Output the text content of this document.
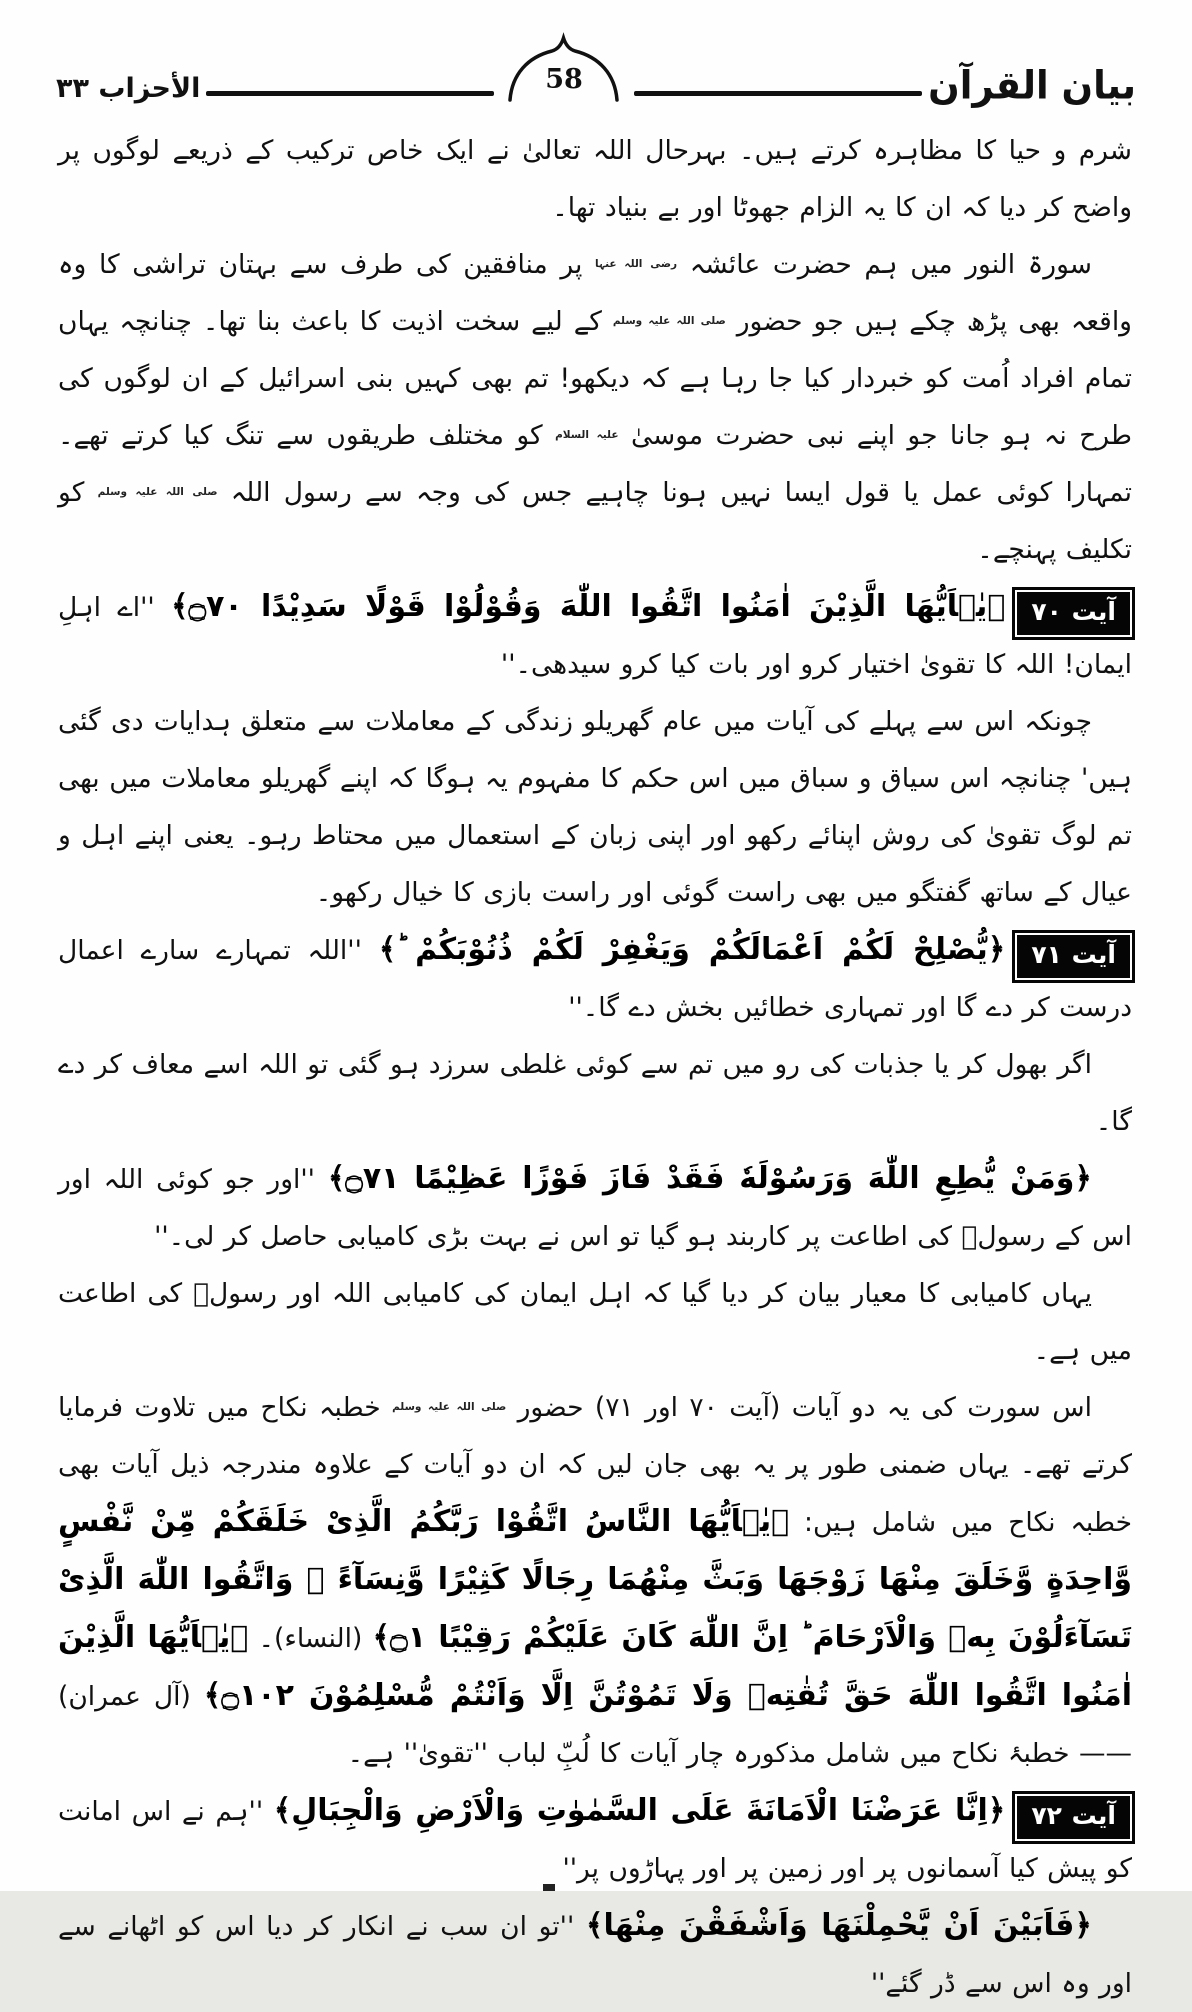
بیان القرآن
58
الأحزاب ٣٣

شرم و حیا کا مظاہرہ کرتے ہیں۔ بہرحال اللہ تعالیٰ نے ایک خاص ترکیب کے ذریعے لوگوں پر واضح کر دیا کہ ان کا یہ الزام جھوٹا اور بے بنیاد تھا۔

سورۃ النور میں ہم حضرت عائشہ $^{رضی اللہ عنہا}$ پر منافقین کی طرف سے بہتان تراشی کا وہ واقعہ بھی پڑھ چکے ہیں جو حضور $^{صلی اللہ علیہ وسلم}$ کے لیے سخت اذیت کا باعث بنا تھا۔ چنانچہ یہاں تمام افراد اُمت کو خبردار کیا جا رہا ہے کہ دیکھو! تم بھی کہیں بنی اسرائیل کے ان لوگوں کی طرح نہ ہو جانا جو اپنے نبی حضرت موسیٰ $^{علیہ السلام}$ کو مختلف طریقوں سے تنگ کیا کرتے تھے۔ تمہارا کوئی عمل یا قول ایسا نہیں ہونا چاہیے جس کی وجہ سے رسول اللہ $^{صلی اللہ علیہ وسلم}$ کو تکلیف پہنچے۔

آیت ۷۰﴿یٰۤاَیُّهَا الَّذِیْنَ اٰمَنُوا اتَّقُوا اللّٰهَ وَقُوْلُوْا قَوْلًا سَدِیْدًا ۝٧٠﴾ ''اے اہلِ ایمان! اللہ کا تقویٰ اختیار کرو اور بات کیا کرو سیدھی۔''

چونکہ اس سے پہلے کی آیات میں عام گھریلو زندگی کے معاملات سے متعلق ہدایات دی گئی ہیں' چنانچہ اس سیاق و سباق میں اس حکم کا مفہوم یہ ہوگا کہ اپنے گھریلو معاملات میں بھی تم لوگ تقویٰ کی روش اپنائے رکھو اور اپنی زبان کے استعمال میں محتاط رہو۔ یعنی اپنے اہل و عیال کے ساتھ گفتگو میں بھی راست گوئی اور راست بازی کا خیال رکھو۔

آیت ۷۱﴿یُّصْلِحْ لَكُمْ اَعْمَالَكُمْ وَیَغْفِرْ لَكُمْ ذُنُوْبَكُمْ ؕ﴾ ''اللہ تمہارے سارے اعمال درست کر دے گا اور تمہاری خطائیں بخش دے گا۔''

اگر بھول کر یا جذبات کی رو میں تم سے کوئی غلطی سرزد ہو گئی تو اللہ اسے معاف کر دے گا۔

﴿وَمَنْ یُّطِعِ اللّٰهَ وَرَسُوْلَهٗ فَقَدْ فَازَ فَوْزًا عَظِیْمًا ۝٧١﴾ ''اور جو کوئی اللہ اور اس کے رسولؐ کی اطاعت پر کاربند ہو گیا تو اس نے بہت بڑی کامیابی حاصل کر لی۔''

یہاں کامیابی کا معیار بیان کر دیا گیا کہ اہل ایمان کی کامیابی اللہ اور رسولؐ کی اطاعت میں ہے۔

اس سورت کی یہ دو آیات (آیت ۷۰ اور ۷۱) حضور $^{صلی اللہ علیہ وسلم}$ خطبہ نکاح میں تلاوت فرمایا کرتے تھے۔ یہاں ضمنی طور پر یہ بھی جان لیں کہ ان دو آیات کے علاوہ مندرجہ ذیل آیات بھی خطبہ نکاح میں شامل ہیں: ﴿یٰۤاَیُّهَا النَّاسُ اتَّقُوْا رَبَّكُمُ الَّذِیْ خَلَقَكُمْ مِّنْ نَّفْسٍ وَّاحِدَةٍ وَّخَلَقَ مِنْهَا زَوْجَهَا وَبَثَّ مِنْهُمَا رِجَالًا كَثِیْرًا وَّنِسَآءً ۚ وَاتَّقُوا اللّٰهَ الَّذِیْ تَسَآءَلُوْنَ بِهٖ وَالْاَرْحَامَ ؕ اِنَّ اللّٰهَ كَانَ عَلَیْكُمْ رَقِیْبًا ۝١﴾ (النساء)۔ ﴿یٰۤاَیُّهَا الَّذِیْنَ اٰمَنُوا اتَّقُوا اللّٰهَ حَقَّ تُقٰتِهٖ وَلَا تَمُوْتُنَّ اِلَّا وَاَنْتُمْ مُّسْلِمُوْنَ ۝١٠٢﴾ (آل عمران) —— خطبۂ نکاح میں شامل مذکورہ چار آیات کا لُبِّ لباب ''تقویٰ'' ہے۔

آیت ۷۲﴿اِنَّا عَرَضْنَا الْاَمَانَةَ عَلَی السَّمٰوٰتِ وَالْاَرْضِ وَالْجِبَالِ﴾ ''ہم نے اس امانت کو پیش کیا آسمانوں پر اور زمین پر اور پہاڑوں پر''

﴿فَاَبَیْنَ اَنْ یَّحْمِلْنَهَا وَاَشْفَقْنَ مِنْهَا﴾ ''تو ان سب نے انکار کر دیا اس کو اٹھانے سے اور وہ اس سے ڈر گئے''
